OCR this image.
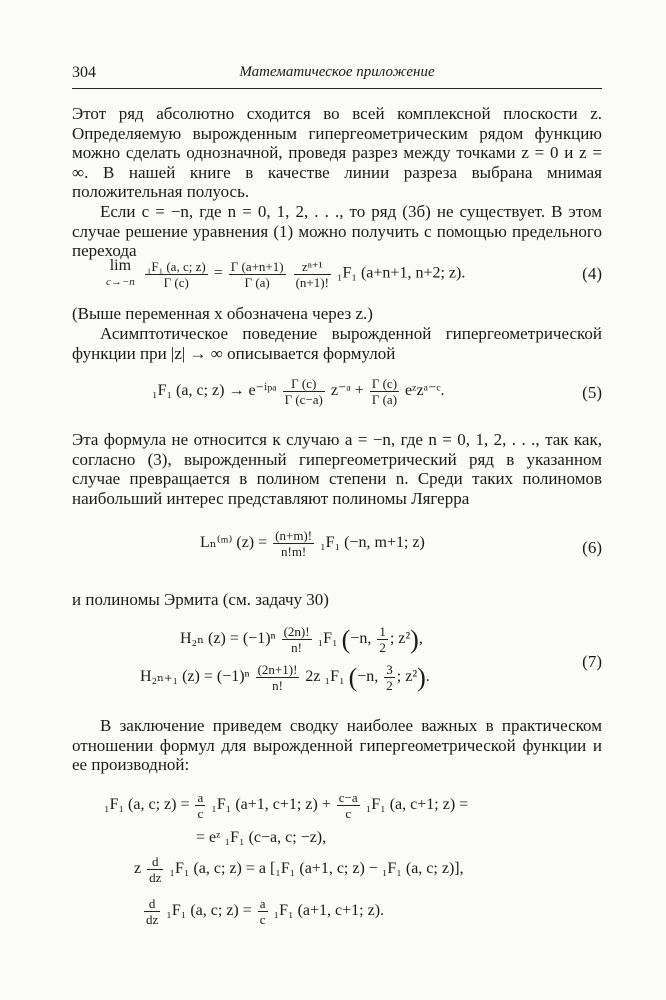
304	Математическое приложение

Этот ряд абсолютно сходится во всей комплексной плоскости z. Определяемую вырожденным гипергеометрическим рядом функцию можно сделать однозначной, проведя разрез между точками z = 0 и z = ∞. В нашей книге в качестве линии разреза выбрана мнимая положительная полуось.

Если c = −n, где n = 0, 1, 2, . . ., то ряд (3б) не существует. В этом случае решение уравнения (1) можно получить с помощью предельного перехода

lim
c→−n
$\frac{\text{₁F₁ (a, c; z)}}{\Gamma (c)} = \frac{\Gamma (a+n+1)}{\Gamma (a)}$
$\frac{\text{zⁿ⁺¹}}{(n+1)!} _1F_1$ (a+n+1, n+2; z).	(4)

(Выше переменная x обозначена через z.)

Асимптотическое поведение вырожденной гипергеометрической функции при |z| → ∞ описывается формулой

₁F₁ (a, c; z) → e⁻ⁱᵖᵃ $\frac{\Gamma (c)}{\Gamma (c-a)}$ z⁻ᵃ + $\frac{\Gamma (c)}{\Gamma (a)}$ eᶻzᵃ⁻ᶜ.	(5)

Эта формула не относится к случаю a = −n, где n = 0, 1, 2, . . ., так как, согласно (3), вырожденный гипергеометрический ряд в указанном случае превращается в полином степени n. Среди таких полиномов наибольший интерес представляют полиномы Лягерра

Lₙ⁽ᵐ⁾ $(z) = \frac{(n+m)!}{n!m!} _1F_1$ (−n, m+1; z)	(6)

и полиномы Эрмита (см. задачу 30)

H₂ₙ $(z) = (-1)^n \frac{(2n)!}{n!} _1F_1$ (−n, $\frac{1}{2}$ ; z²),
H₂ₙ₊₁ $(z) = (-1)^n \frac{(2n+1)!}{n!} 2z$ ₁F₁ (−n, $\frac{3}{2}$ ; z²).
(7)

В заключение приведем сводку наиболее важных в практическом отношении формул для вырожденной гипергеометрической функции и ее производной:

₁F₁ (a, c; $z) = \frac{a}{c} _1F_1$ (a+1, c+1; $z) + \frac{c-a}{c} _1F_1$ (a, c+1; z) =
= eᶻ ₁F₁ (c−a, c; −z),
z $\frac{d}{dz} _1F_1$ (a, c; z) = a [₁F₁ (a+1, c; z) − ₁F₁ (a, c; z)],
$\frac{d}{dz} _1F_1$ (a, c; $z) = \frac{a}{c} _1F_1$ (a+1, c+1; z).
